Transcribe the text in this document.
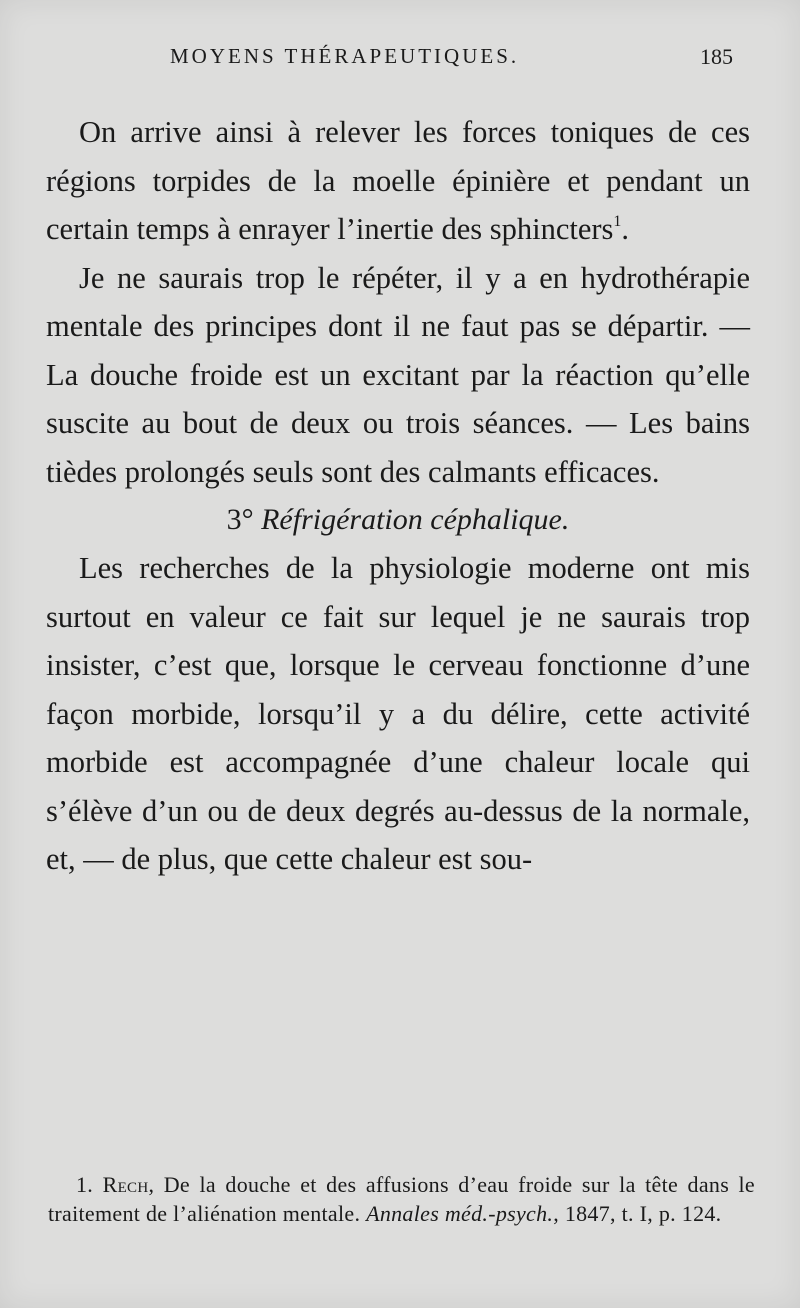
MOYENS THÉRAPEUTIQUES.	185

On arrive ainsi à relever les forces toniques de ces régions torpides de la moelle épinière et pendant un certain temps à enrayer l’inertie des sphincters$^1$.

Je ne saurais trop le répéter, il y a en hydrothérapie mentale des principes dont il ne faut pas se départir. — La douche froide est un excitant par la réaction qu’elle suscite au bout de deux ou trois séances. — Les bains tièdes prolongés seuls sont des calmants efficaces.

3° Réfrigération céphalique.

Les recherches de la physiologie moderne ont mis surtout en valeur ce fait sur lequel je ne saurais trop insister, c’est que, lorsque le cerveau fonctionne d’une façon morbide, lorsqu’il y a du délire, cette activité morbide est accompagnée d’une chaleur locale qui s’élève d’un ou de deux degrés au-dessus de la normale, et, — de plus, que cette chaleur est sou-

1. Rech, De la douche et des affusions d’eau froide sur la tête dans le traitement de l’aliénation mentale. Annales méd.-psych., 1847, t. I, p. 124.
